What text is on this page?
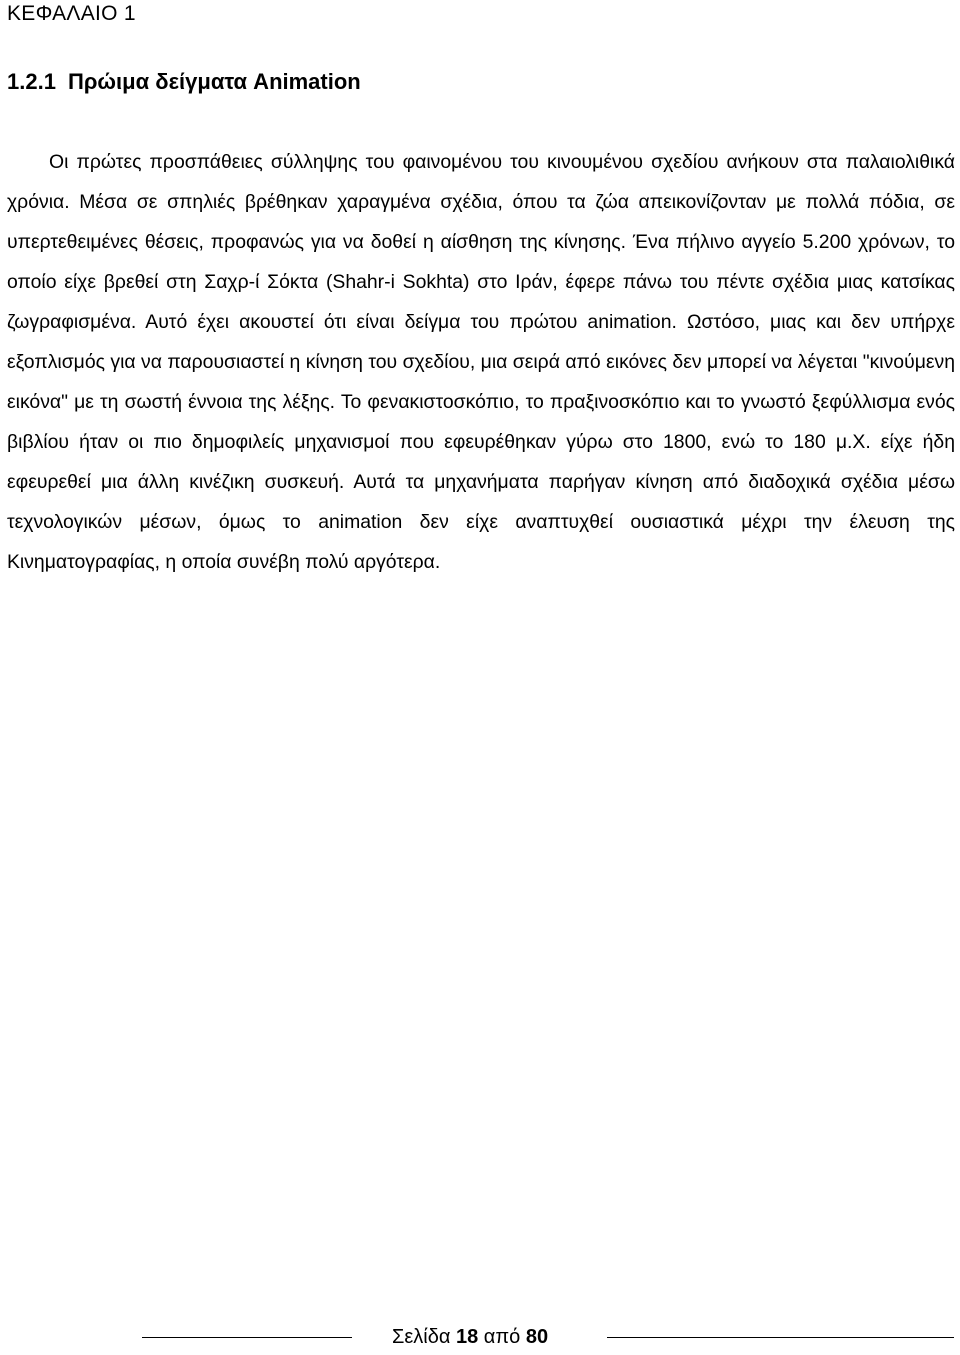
ΚΕΦΑΛΑΙΟ 1
1.2.1 Πρώιμα δείγματα Animation

Οι πρώτες προσπάθειες σύλληψης του φαινομένου του κινουμένου σχεδίου ανήκουν στα παλαιολιθικά χρόνια. Μέσα σε σπηλιές βρέθηκαν χαραγμένα σχέδια, όπου τα ζώα απεικονίζονταν με πολλά πόδια, σε υπερτεθειμένες θέσεις, προφανώς για να δοθεί η αίσθηση της κίνησης. Ένα πήλινο αγγείο 5.200 χρόνων, το οποίο είχε βρεθεί στη Σαχρ-ί Σόκτα (Shahr-i Sokhta) στο Ιράν, έφερε πάνω του πέντε σχέδια μιας κατσίκας ζωγραφισμένα. Αυτό έχει ακουστεί ότι είναι δείγμα του πρώτου animation. Ωστόσο, μιας και δεν υπήρχε εξοπλισμός για να παρουσιαστεί η κίνηση του σχεδίου, μια σειρά από εικόνες δεν μπορεί να λέγεται "κινούμενη εικόνα" με τη σωστή έννοια της λέξης. Το φενακιστοσκόπιο, το πραξινοσκόπιο και το γνωστό ξεφύλλισμα ενός βιβλίου ήταν οι πιο δημοφιλείς μηχανισμοί που εφευρέθηκαν γύρω στο 1800, ενώ το 180 μ.Χ. είχε ήδη εφευρεθεί μια άλλη κινέζικη συσκευή. Αυτά τα μηχανήματα παρήγαν κίνηση από διαδοχικά σχέδια μέσω τεχνολογικών μέσων, όμως το animation δεν είχε αναπτυχθεί ουσιαστικά μέχρι την έλευση της Κινηματογραφίας, η οποία συνέβη πολύ αργότερα.

Σελίδα 18 από 80
